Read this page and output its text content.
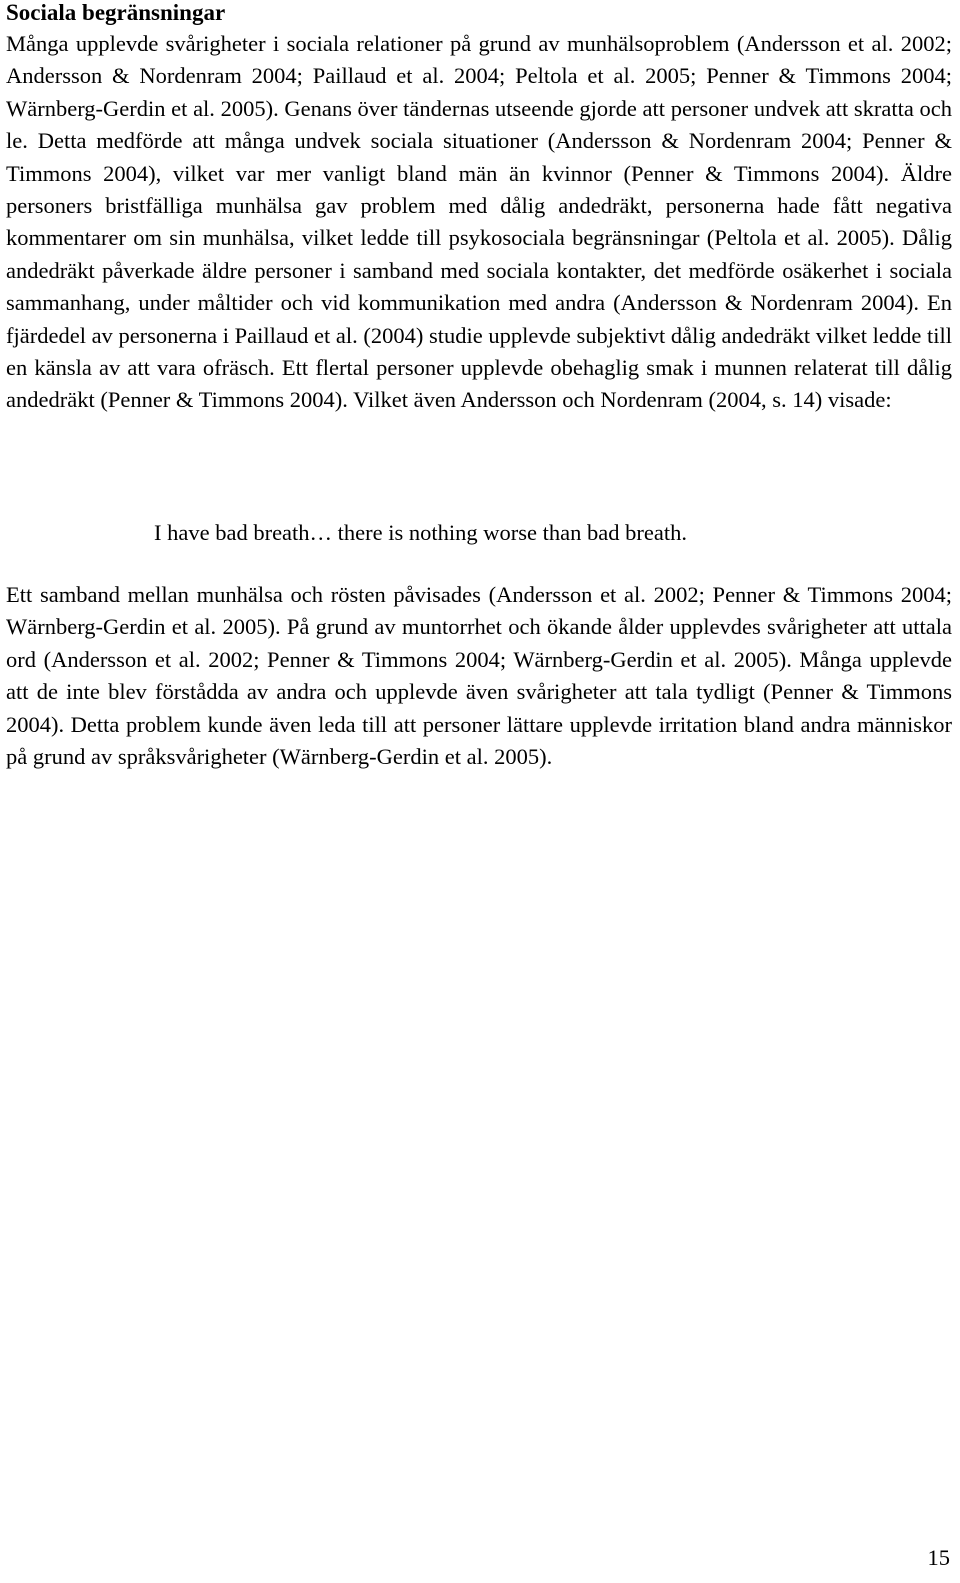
Sociala begränsningar

Många upplevde svårigheter i sociala relationer på grund av munhälsoproblem (Andersson et al. 2002; Andersson & Nordenram 2004; Paillaud et al. 2004; Peltola et al. 2005; Penner & Timmons 2004; Wärnberg-Gerdin et al. 2005). Genans över tändernas utseende gjorde att personer undvek att skratta och le. Detta medförde att många undvek sociala situationer (Andersson & Nordenram 2004; Penner & Timmons 2004), vilket var mer vanligt bland män än kvinnor (Penner & Timmons 2004). Äldre personers bristfälliga munhälsa gav problem med dålig andedräkt, personerna hade fått negativa kommentarer om sin munhälsa, vilket ledde till psykosociala begränsningar (Peltola et al. 2005). Dålig andedräkt påverkade äldre personer i samband med sociala kontakter, det medförde osäkerhet i sociala sammanhang, under måltider och vid kommunikation med andra (Andersson & Nordenram 2004). En fjärdedel av personerna i Paillaud et al. (2004) studie upplevde subjektivt dålig andedräkt vilket ledde till en känsla av att vara ofräsch. Ett flertal personer upplevde obehaglig smak i munnen relaterat till dålig andedräkt (Penner & Timmons 2004). Vilket även Andersson och Nordenram (2004, s. 14) visade:

I have bad breath… there is nothing worse than bad breath.

Ett samband mellan munhälsa och rösten påvisades (Andersson et al. 2002; Penner & Timmons 2004; Wärnberg-Gerdin et al. 2005). På grund av muntorrhet och ökande ålder upplevdes svårigheter att uttala ord (Andersson et al. 2002; Penner & Timmons 2004; Wärnberg-Gerdin et al. 2005). Många upplevde att de inte blev förstådda av andra och upplevde även svårigheter att tala tydligt (Penner & Timmons 2004). Detta problem kunde även leda till att personer lättare upplevde irritation bland andra människor på grund av språksvårigheter (Wärnberg-Gerdin et al. 2005).

15
